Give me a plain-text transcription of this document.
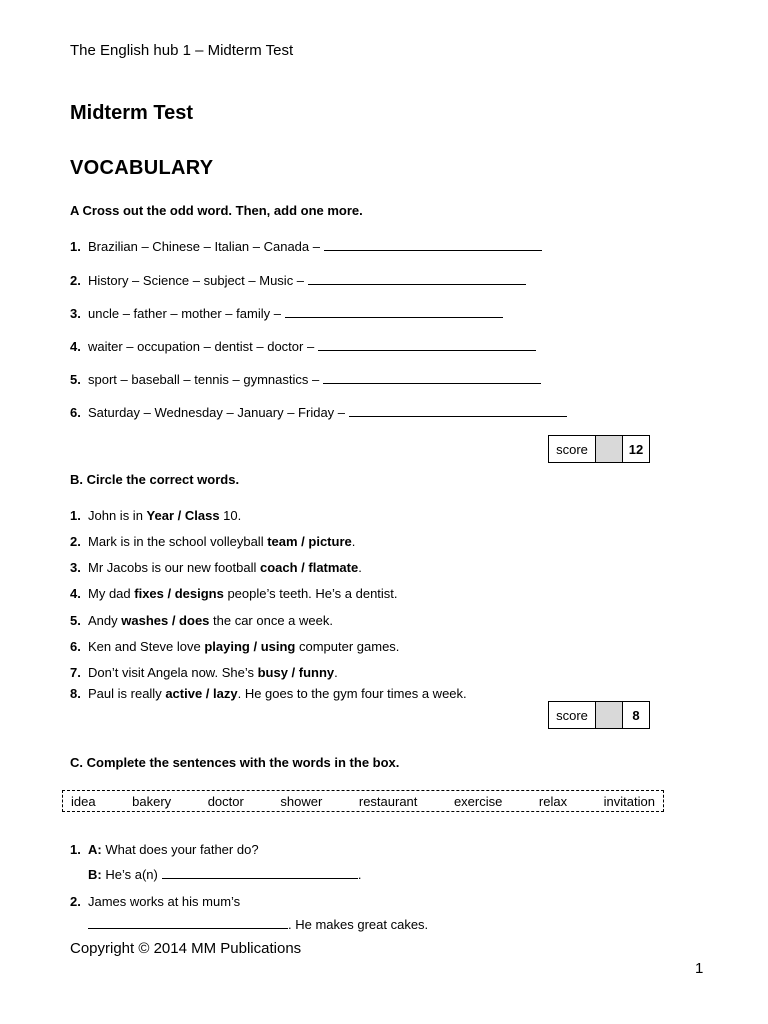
The English hub 1 – Midterm Test
Midterm Test
VOCABULARY
A Cross out the odd word. Then, add one more.
1. Brazilian – Chinese – Italian – Canada –
2. History – Science – subject – Music –
3. uncle – father – mother – family –
4. waiter – occupation – dentist – doctor –
5. sport – baseball – tennis – gymnastics –
6. Saturday – Wednesday – January – Friday –
score	12
B. Circle the correct words.
1. John is in Year / Class 10.
2. Mark is in the school volleyball team / picture.
3. Mr Jacobs is our new football coach / flatmate.
4. My dad fixes / designs people’s teeth. He’s a dentist.
5. Andy washes / does the car once a week.
6. Ken and Steve love playing / using computer games.
7. Don’t visit Angela now. She’s busy / funny.
8. Paul is really active / lazy. He goes to the gym four times a week.
score	8
C. Complete the sentences with the words in the box.
idea	bakery	doctor	shower	restaurant	exercise	relax	invitation
1. A:
What does your father do?
B:
He’s a(n)	.
2. James works at his mum’s
. He makes great cakes.
Copyright © 2014 MM Publications
1
